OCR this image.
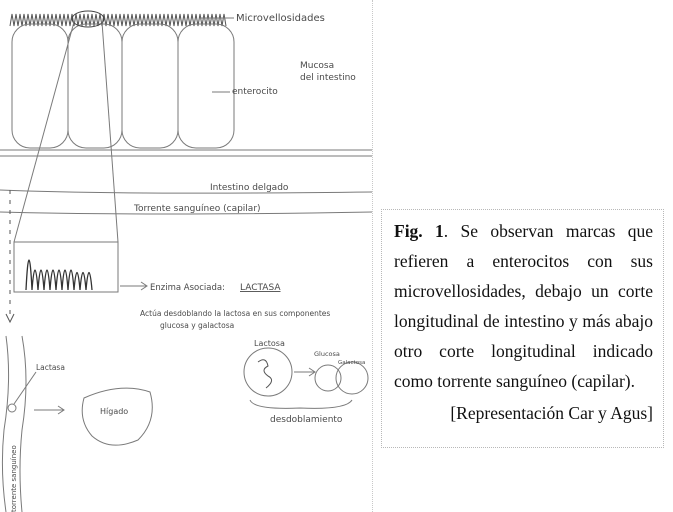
Microvellosidades
Mucosa
del intestino
enterocito
Intestino delgado
Torrente sanguíneo (capilar)
Enzima Asociada: LACTASA
Actúa desdoblando la lactosa en sus componentes
glucosa y galactosa
Lactasa
Hígado
Lactosa
Glucosa
Galactosa
desdoblamiento
torrente sanguíneo

Fig. 1. Se observan marcas que refieren a enterocitos con sus microvellosidades, debajo un corte longitudinal de intestino y más abajo otro corte longitudinal indicado como torrente sanguíneo (capilar).

[Representación Car y Agus]
